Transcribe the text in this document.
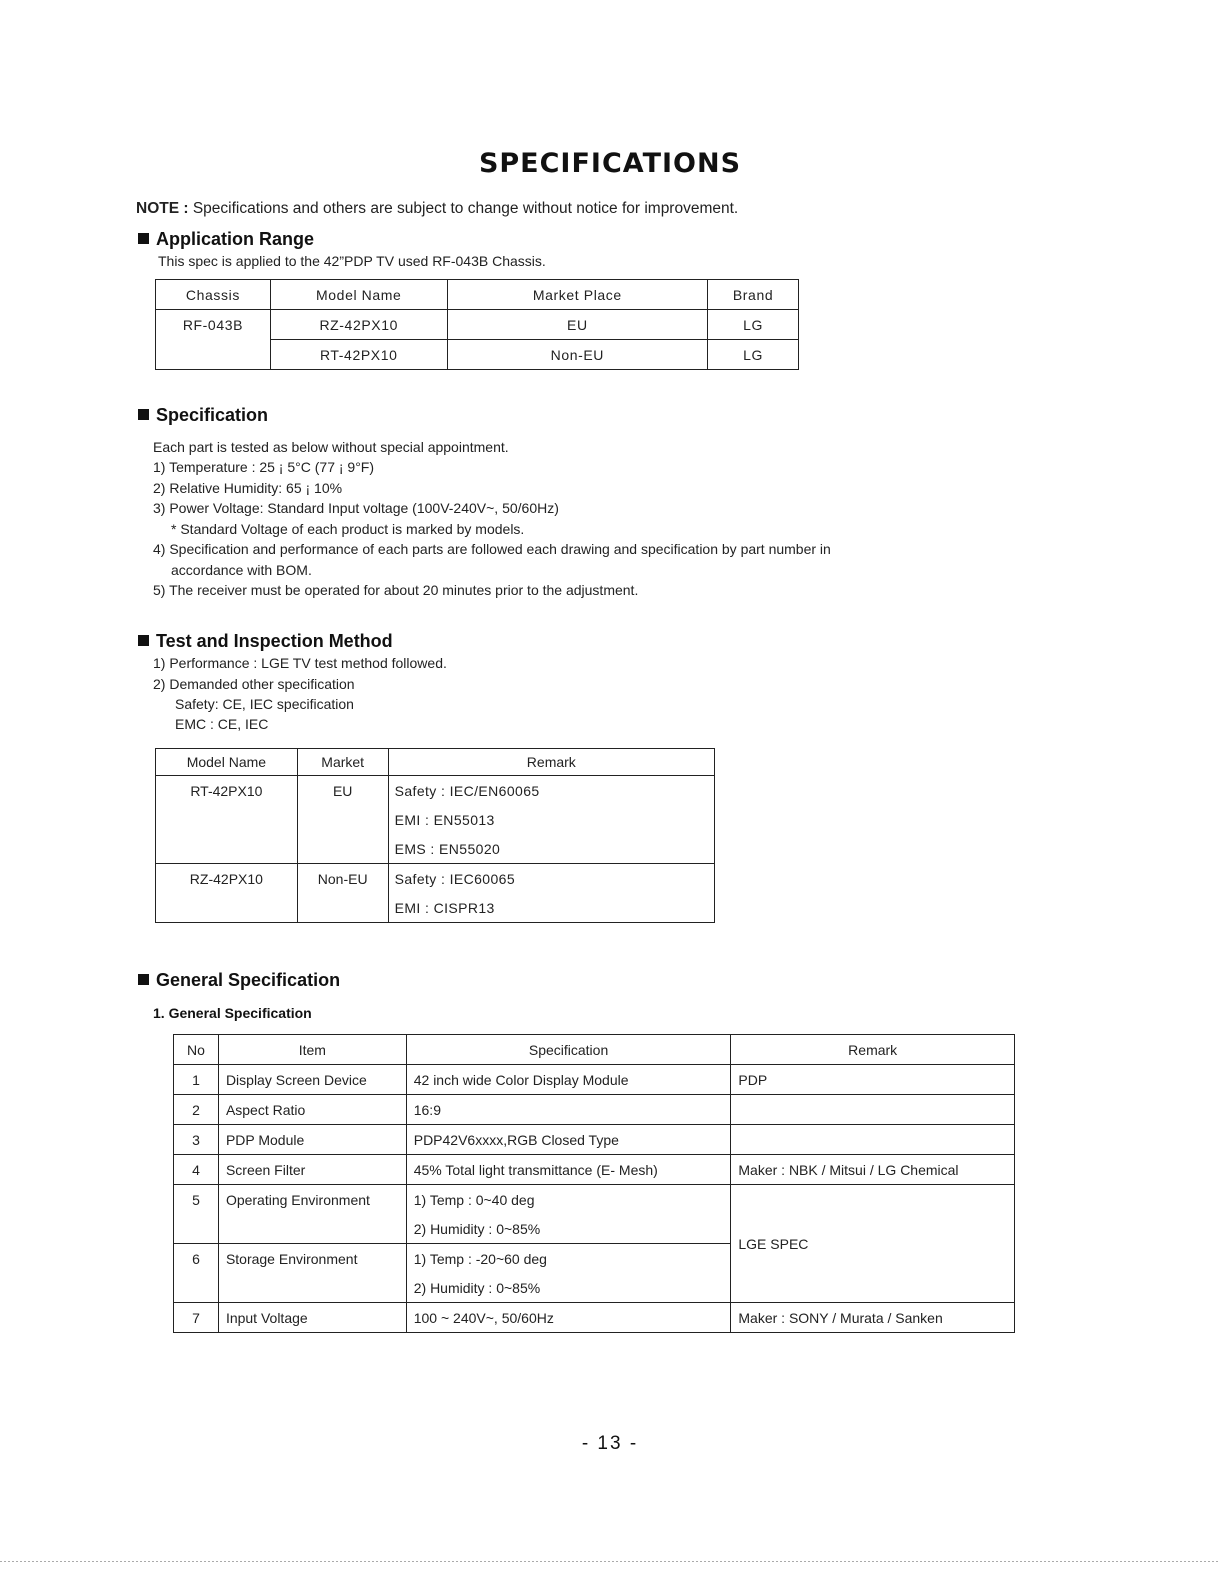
SPECIFICATIONS
NOTE : Specifications and others are subject to change without notice for improvement.
Application Range
This spec is applied to the 42”PDP TV used RF-043B Chassis.
Chassis	Model Name	Market Place	Brand
RF-043B	RZ-42PX10	EU	LG
	RT-42PX10	Non-EU	LG
Specification
Each part is tested as below without special appointment.
1) Temperature : 25 ¡ 5°C (77 ¡ 9°F)
2) Relative Humidity: 65 ¡ 10%
3) Power Voltage: Standard Input voltage (100V-240V~, 50/60Hz)
* Standard Voltage of each product is marked by models.
4) Specification and performance of each parts are followed each drawing and specification by part number in
accordance with BOM.
5) The receiver must be operated for about 20 minutes prior to the adjustment.
Test and Inspection Method
1) Performance : LGE TV test method followed.
2) Demanded other specification
Safety: CE, IEC specification
EMC : CE, IEC
Model Name	Market	Remark
RT-42PX10	EU	Safety : IEC/EN60065
		EMI : EN55013
		EMS : EN55020
RZ-42PX10	Non-EU	Safety : IEC60065
		EMI : CISPR13
General Specification
1. General Specification
No	Item	Specification	Remark
1	Display Screen Device	42 inch wide Color Display Module	PDP
2	Aspect Ratio	16:9	
3	PDP Module	PDP42V6xxxx,RGB Closed Type	
4	Screen Filter	45% Total light transmittance (E- Mesh)	Maker : NBK / Mitsui / LG Chemical
5	Operating Environment	1) Temp : 0~40 deg	LGE SPEC
		2) Humidity : 0~85%	
6	Storage Environment	1) Temp : -20~60 deg	
		2) Humidity : 0~85%	
7	Input Voltage	100 ~ 240V~, 50/60Hz	Maker : SONY / Murata / Sanken
- 13 -
